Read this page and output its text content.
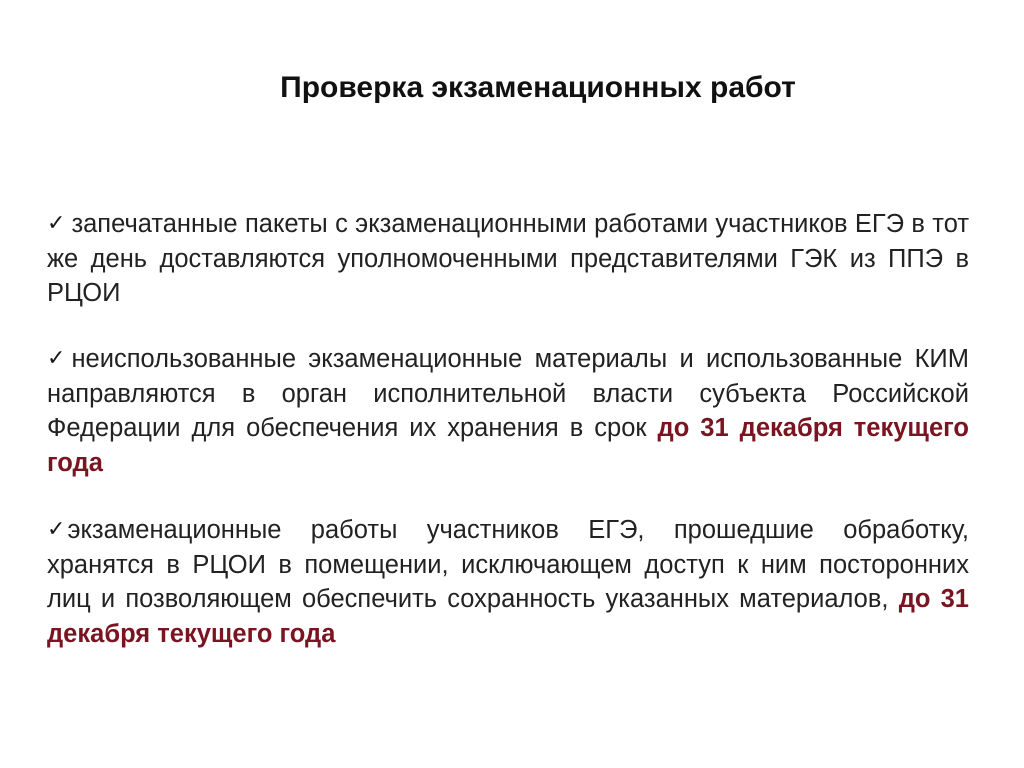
Проверка экзаменационных работ
✓ запечатанные пакеты с экзаменационными работами участников ЕГЭ в тот же день доставляются уполномоченными представителями ГЭК из ППЭ в РЦОИ
✓ неиспользованные экзаменационные материалы и использованные КИМ направляются в орган исполнительной власти субъекта Российской Федерации для обеспечения их хранения в срок до 31 декабря текущего года
✓экзаменационные работы участников ЕГЭ, прошедшие обработку, хранятся в РЦОИ в помещении, исключающем доступ к ним посторонних лиц и позволяющем обеспечить сохранность указанных материалов, до 31 декабря текущего года
